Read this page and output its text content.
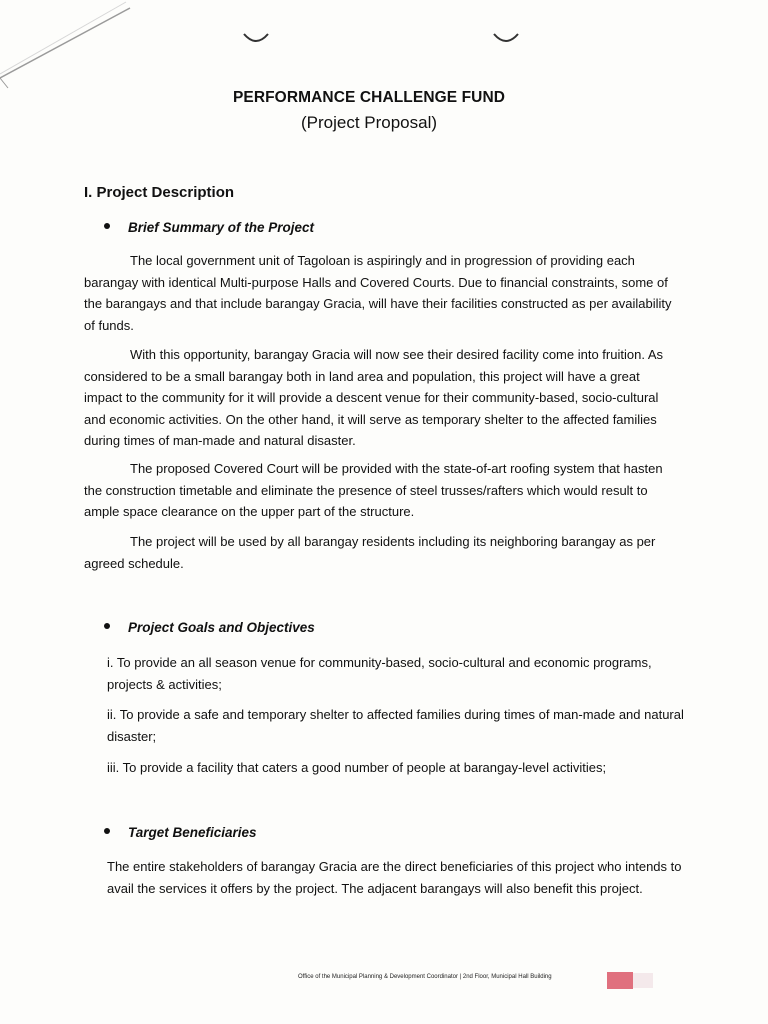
PERFORMANCE CHALLENGE FUND
(Project Proposal)
I. Project Description
Brief Summary of the Project
The local government unit of Tagoloan is aspiringly and in progression of providing each barangay with identical Multi-purpose Halls and Covered Courts. Due to financial constraints, some of the barangays and that include barangay Gracia, will have their facilities constructed as per availability of funds.
With this opportunity, barangay Gracia will now see their desired facility come into fruition. As considered to be a small barangay both in land area and population, this project will have a great impact to the community for it will provide a descent venue for their community-based, socio-cultural and economic activities. On the other hand, it will serve as temporary shelter to the affected families during times of man-made and natural disaster.
The proposed Covered Court will be provided with the state-of-art roofing system that hasten the construction timetable and eliminate the presence of steel trusses/rafters which would result to ample space clearance on the upper part of the structure.
The project will be used by all barangay residents including its neighboring barangay as per agreed schedule.
Project Goals and Objectives
i. To provide an all season venue for community-based, socio-cultural and economic programs, projects & activities;
ii. To provide a safe and temporary shelter to affected families during times of man-made and natural disaster;
iii. To provide a facility that caters a good number of people at barangay-level activities;
Target Beneficiaries
The entire stakeholders of barangay Gracia are the direct beneficiaries of this project who intends to avail the services it offers by the project. The adjacent barangays will also benefit this project.
Office of the Municipal Planning & Development Coordinator | 2nd Floor, Municipal Hall Building
